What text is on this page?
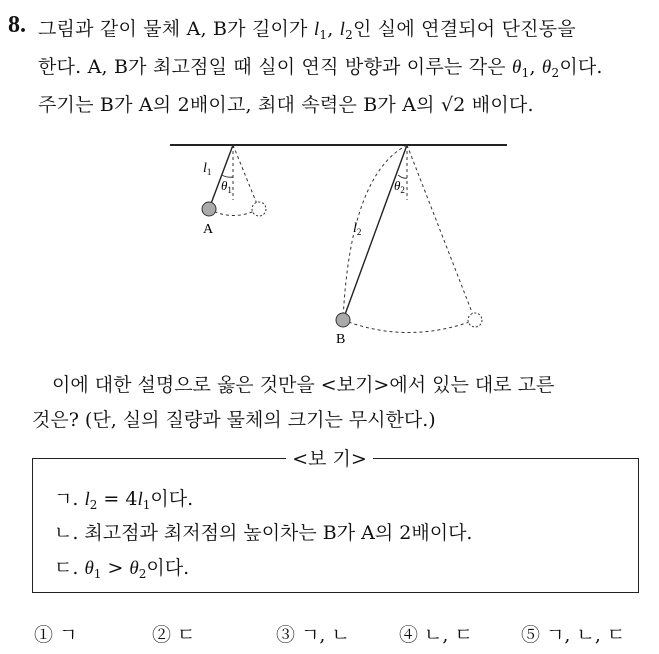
8. 그림과 같이 물체 A, B가 길이가 $l_1$, $l_2$인 실에 연결되어 단진동을
한다. A, B가 최고점일 때 실이 연직 방향과 이루는 각은 $\theta_1$, $\theta_2$이다.
주기는 B가 A의 2배이고, 최대 속력은 B가 A의 √2 배이다.
A
$l_1$
$\theta_1$
B
$l_2$
$\theta_2$
이에 대한 설명으로 옳은 것만을 <보기>에서 있는 대로 고른
것은? (단, 실의 질량과 물체의 크기는 무시한다.)
<보 기>
ㄱ. $l_2 = 4l_1$이다.
ㄴ. 최고점과 최저점의 높이차는 B가 A의 2배이다.
ㄷ. $\theta_1 > \theta_2$이다.
① ㄱ	② ㄷ	③ ㄱ, ㄴ	④ ㄴ, ㄷ	⑤ ㄱ, ㄴ, ㄷ
